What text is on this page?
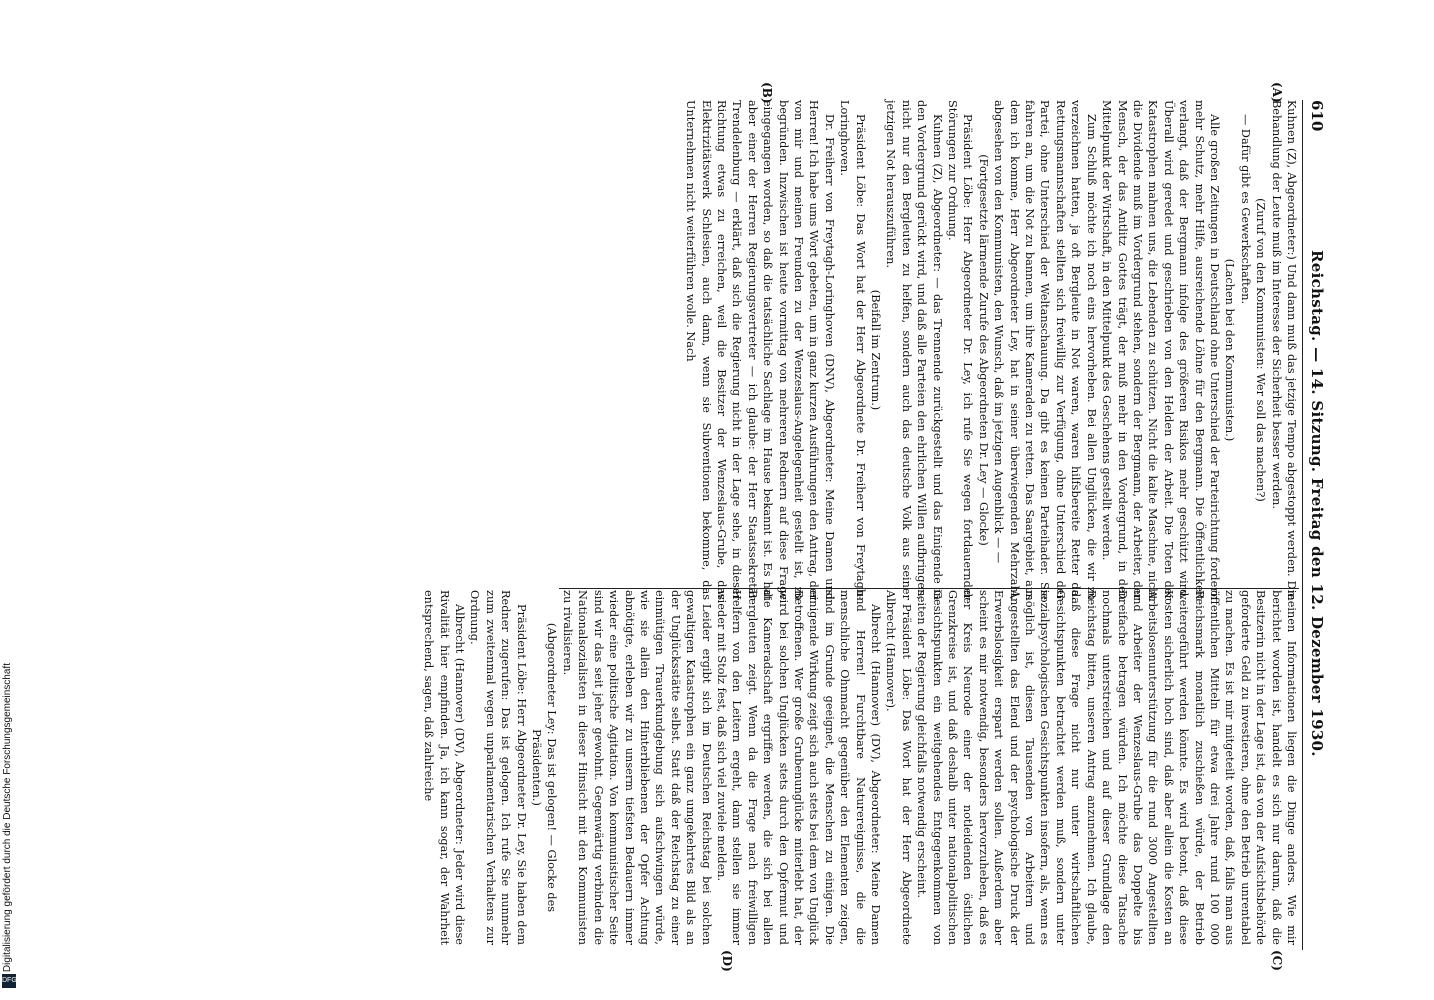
Digitalisierung gefördert durch die Deutsche Forschungsgemeinschaft
DFG
610
Reichstag. — 14. Sitzung. Freitag den 12. Dezember 1930.
(A)
(B)
(C)
(D)

Kuhnen (Z), Abgeordneter:) Und dann muß das jetzige Tempo abgestoppt werden. Die Behandlung der Leute muß im Interesse der Sicherheit besser werden.

(Zuruf von den Kommunisten: Wer soll das machen?)

— Dafür gibt es Gewerkschaften.

(Lachen bei den Kommunisten.)

Alle großen Zeitungen in Deutschland ohne Unterschied der Parteirichtung fordern mehr Schutz, mehr Hilfe, ausreichende Löhne für den Bergmann. Die Öffentlichkeit verlangt, daß der Bergmann infolge des größeren Risikos mehr geschützt wird. Überall wird geredet und geschrieben von den Helden der Arbeit. Die Toten der Katastrophen mahnen uns, die Lebenden zu schützen. Nicht die kalte Maschine, nicht die Dividende muß im Vordergrund stehen, sondern der Bergmann, der Arbeiter, der Mensch, der das Antlitz Gottes trägt, der muß mehr in den Vordergrund, in den Mittelpunkt der Wirtschaft, in den Mittelpunkt des Geschehens gestellt werden.

Zum Schluß möchte ich noch eins hervorheben. Bei allen Unglücken, die wir zu verzeichnen hatten, ja oft Bergleute in Not waren, waren hilfsbereite Retter da. Rettungsmannschaften stellten sich freiwillig zur Verfügung, ohne Unterschied der Partei, ohne Unterschied der Weltanschauung. Da gibt es keinen Parteihader. Sie fahren an, um die Not zu bannen, um ihre Kameraden zu retten. Das Saargebiet, aus dem ich komme, Herr Abgeordneter Ley, hat in seiner überwiegenden Mehrzahl, abgesehen von den Kommunisten, den Wunsch, daß im jetzigen Augenblick — —

(Fortgesetzte lärmende Zurufe des Abgeordneten Dr. Ley — Glocke)

Präsident Löbe: Herr Abgeordneter Dr. Ley, ich rufe Sie wegen fortdauernder Störungen zur Ordnung.

Kuhnen (Z), Abgeordneter: — das Trennende zurückgestellt und das Einigende in den Vordergrund gerückt wird, und daß alle Parteien den ehrlichen Willen aufbringen, nicht nur den Bergleuten zu helfen, sondern auch das deutsche Volk aus seiner jetzigen Not herauszuführen.

(Beifall im Zentrum.)

Präsident Löbe: Das Wort hat der Herr Abgeordnete Dr. Freiherr von Freytagh-Loringhoven.

Dr. Freiherr von Freytagh-Loringhoven (DNV), Abgeordneter: Meine Damen und Herren! Ich habe ums Wort gebeten, um in ganz kurzen Ausführungen den Antrag, der von mir und meinen Freunden zu der Wenzeslaus-Angelegenheit gestellt ist, zu begründen. Inzwischen ist heute vormittag von mehreren Rednern auf diese Frage eingegangen worden, so daß die tatsächliche Sachlage im Hause bekannt ist. Es hat aber einer der Herren Regierungsvertreter — ich glaube: der Herr Staatssekretär Trendelenburg — erklärt, daß sich die Regierung nicht in der Lage sehe, in dieser Richtung etwas zu erreichen, weil die Besitzer der Wenzeslaus-Grube, das Elektrizitätswerk Schlesien, auch dann, wenn sie Subventionen bekomme, das Unternehmen nicht weiterführen wolle. Nach

meinen Informationen liegen die Dinge anders. Wie mir berichtet worden ist, handelt es sich nur darum, daß die Besitzerin nicht in der Lage ist, das von der Aufsichtsbehörde geforderte Geld zu investieren, ohne den Betrieb unrentabel zu machen. Es ist mir mitgeteilt worden, daß, falls man aus öffentlichen Mitteln für etwa drei Jahre rund 100 000 Reichsmark monatlich zuschießen würde, der Betrieb weitergeführt werden könnte. Es wird betont, daß diese Kosten sicherlich hoch sind, daß aber allein die Kosten an Arbeitslosenunterstützung für die rund 3000 Angestellten und Arbeiter der Wenzeslaus-Grube das Doppelte bis Dreifache betragen würden. Ich möchte diese Tatsache nochmals unterstreichen und auf dieser Grundlage den Reichstag bitten, unseren Antrag anzunehmen. Ich glaube, daß diese Frage nicht nur unter wirtschaftlichen Gesichtspunkten betrachtet werden muß, sondern unter sozialpsychologischen Gesichtspunkten insofern, als, wenn es möglich ist, diesen Tausenden von Arbeitern und Angestellten das Elend und der psychologische Druck der Erwerbslosigkeit erspart werden sollen. Außerdem aber scheint es mir notwendig, besonders hervorzuheben, daß es der Kreis Neurode einer der notleidenden östlichen Grenzkreise ist, und daß deshalb unter nationalpolitischen Gesichtspunkten ein weitgehendes Entgegenkommen von seiten der Regierung gleichfalls notwendig erscheint.

Präsident Löbe: Das Wort hat der Herr Abgeordnete Albrecht (Hannover).

Albrecht (Hannover) (DV), Abgeordneter: Meine Damen und Herren! Furchtbare Naturereignisse, die die menschliche Ohnmacht gegenüber den Elementen zeigen, sind im Grunde geeignet, die Menschen zu einigen. Die einigende Wirkung zeigt sich auch stets bei dem von Unglück Betroffenen. Wer große Grubenunglücke miterlebt hat, der wird bei solchen Unglücken stets durch den Opfermut und die Kameradschaft ergriffen werden, die sich bei allen Bergleuten zeigt. Wenn da die Frage nach freiwilligen Helfern von den Leitern ergeht, dann stellen sie immer wieder mit Stolz fest, daß sich viel zuviele melden.

Leider ergibt sich im Deutschen Reichstag bei solchen gewaltigen Katastrophen ein ganz umgekehrtes Bild als an der Unglücksstätte selbst. Statt daß der Reichstag zu einer einmütigen Trauerkundgebung sich aufschwingen würde, wie sie allein den Hinterbliebenen der Opfer Achtung abnötigte, erleben wir zu unserm tiefsten Bedauern immer wieder eine politische Agitation. Von kommunistischer Seite sind wir das seit jeher gewohnt. Gegenwärtig verbinden die Nationalsozialisten in dieser Hinsicht mit den Kommunisten zu rivalisieren.

(Abgeordneter Ley: Das ist gelogen! — Glocke des Präsidenten.)

Präsident Löbe: Herr Abgeordneter Dr. Ley, Sie haben dem Redner zugerufen: Das ist gelogen. Ich rufe Sie nunmehr zum zweitenmal wegen unparlamentarischen Verhaltens zur Ordnung.

Albrecht (Hannover) (DV), Abgeordneter: Jeder wird diese Rivalität hier empfinden. Ja, ich kann sogar, der Wahrheit entsprechend, sagen, daß zahlreiche
